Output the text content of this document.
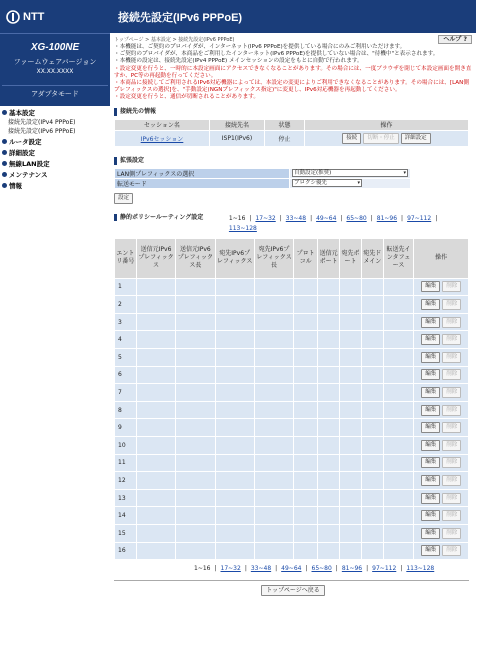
NTT
XG-100NE
ファームウェアバージョン
XX.XX.XXXX
アダプタモード
基本設定
接続先設定(IPv4 PPPoE)
接続先設定(IPv6 PPPoE)
ルータ設定
詳細設定
無線LAN設定
メンテナンス
情報
接続先設定(IPv6 PPPoE)
トップページ > 基本設定 > 接続先設定(IPv6 PPPoE)	ヘルプ ?
・本機能は、ご契約のプロバイダが、インターネット(IPv6 PPPoE)を提供している場合にのみご利用いただけます。
・ご契約のプロバイダが、本商品をご利用したインターネット(IPv6 PPPoE)を提供していない場合は、"待機中"と表示されます。
・本機能の設定は、接続先設定(IPv4 PPPoE) メインセッションの設定をもとに自動で行われます。
・設定変更を行うと、一時的に本設定画面にアクセスできなくなることがあります。その場合には、一度ブラウザを閉じて本設定画面を開き直すか、PC等の再起動を行ってください。
・本商品に接続してご利用されるIPv6対応機器によっては、本設定の変更によりご利用できなくなることがあります。その場合には、[LAN側プレフィックスの選択]を、"手動設定(NGNプレフィックス指定)"に変更し、IPv6対応機器を再起動してください。
・設定変更を行うと、通信が切断されることがあります。
接続先の情報
セッション名	接続先名	状態	操作
IPv6セッション	ISP1(IPv6)	停止	接続 切断・停止 詳細設定
拡張設定
LAN側プレフィックスの選択	自動設定(推奨) ▾

転送モード	ブロクシ優先 ▾
設定
静的ポリシールーティング設定	1~16 | 17~32 | 33~48 | 49~64 | 65~80 | 81~96 | 97~112 |
113~128
エントリ番号	送信元IPv6プレフィックス	送信元IPv6プレフィックス長	宛先IPv6プレフィックス	宛先IPv6プレフィックス長	プロトコル	送信元ポート	宛先ポート	宛先ドメイン	転送先インタフェース	操作
1										編集 削除
2										編集 削除
3										編集 削除
4										編集 削除
5										編集 削除
6										編集 削除
7										編集 削除
8										編集 削除
9										編集 削除
10										編集 削除
11										編集 削除
12										編集 削除
13										編集 削除
14										編集 削除
15										編集 削除
16										編集 削除
1~16 | 17~32 | 33~48 | 49~64 | 65~80 | 81~96 | 97~112 | 113~128
トップページへ戻る
